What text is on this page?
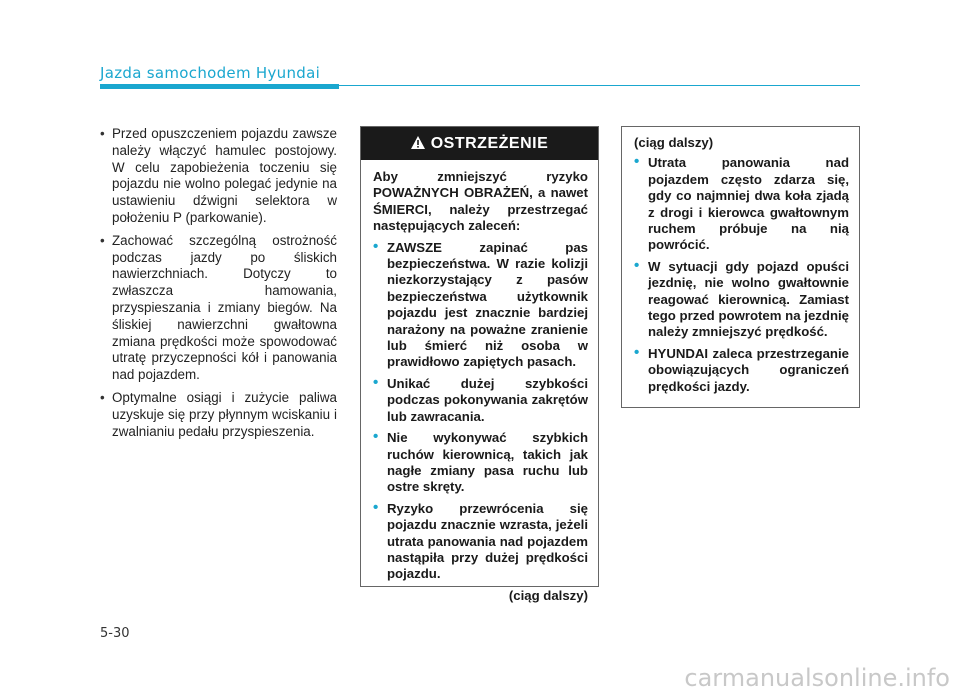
Jazda samochodem Hyundai
• Przed opuszczeniem pojazdu zawsze należy włączyć hamulec postojowy. W celu zapobieżenia toczeniu się pojazdu nie wolno polegać jedynie na ustawieniu dźwigni selektora w położeniu P (parkowanie).
• Zachować szczególną ostrożność podczas jazdy po śliskich nawierzchniach. Dotyczy to zwłaszcza hamowania, przyspieszania i zmiany biegów. Na śliskiej nawierzchni gwałtowna zmiana prędkości może spowodować utratę przyczepności kół i panowania nad pojazdem.
• Optymalne osiągi i zużycie paliwa uzyskuje się przy płynnym wciskaniu i zwalnianiu pedału przyspieszenia.
OSTRZEŻENIE
Aby zmniejszyć ryzyko POWAŻNYCH OBRAŻEŃ, a nawet ŚMIERCI, należy przestrzegać następujących zaleceń:
• ZAWSZE zapinać pas bezpieczeństwa. W razie kolizji niezkorzystający z pasów bezpieczeństwa użytkownik pojazdu jest znacznie bardziej narażony na poważne zranienie lub śmierć niż osoba w prawidłowo zapiętych pasach.
• Unikać dużej szybkości podczas pokonywania zakrętów lub zawracania.
• Nie wykonywać szybkich ruchów kierownicą, takich jak nagłe zmiany pasa ruchu lub ostre skręty.
• Ryzyko przewrócenia się pojazdu znacznie wzrasta, jeżeli utrata panowania nad pojazdem nastąpiła przy dużej prędkości pojazdu.
(ciąg dalszy)
(ciąg dalszy)
• Utrata panowania nad pojazdem często zdarza się, gdy co najmniej dwa koła zjadą z drogi i kierowca gwałtownym ruchem próbuje na nią powrócić.
• W sytuacji gdy pojazd opuści jezdnię, nie wolno gwałtownie reagować kierownicą. Zamiast tego przed powrotem na jezdnię należy zmniejszyć prędkość.
• HYUNDAI zaleca przestrzeganie obowiązujących ograniczeń prędkości jazdy.
5-30
carmanualsonline.info
